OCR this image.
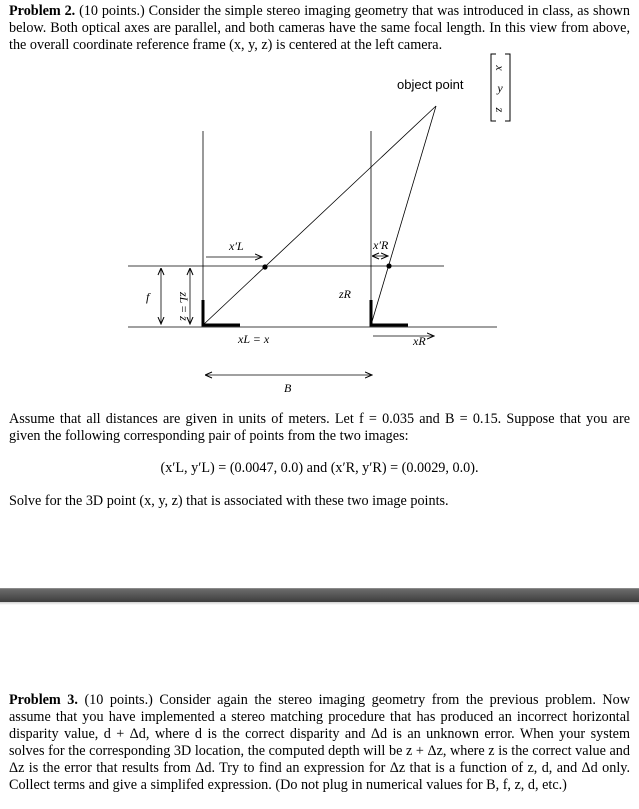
Problem 2. (10 points.) Consider the simple stereo imaging geometry that was introduced in class, as shown below. Both optical axes are parallel, and both cameras have the same focal length. In this view from above, the overall coordinate reference frame (x, y, z) is centered at the left camera.
object point
x
y
z
x′L	x′R
f zL
= z
zR
xL = x	xR
B
Assume that all distances are given in units of meters. Let f = 0.035 and B = 0.15. Suppose that you are given the following corresponding pair of points from the two images:
(x′L, y′L) = (0.0047, 0.0) and (x′R, y′R) = (0.0029, 0.0).
Solve for the 3D point (x, y, z) that is associated with these two image points.
Problem 3. (10 points.) Consider again the stereo imaging geometry from the previous problem. Now assume that you have implemented a stereo matching procedure that has produced an incorrect horizontal disparity value, d + Δd, where d is the correct disparity and Δd is an unknown error. When your system solves for the corresponding 3D location, the computed depth will be z + Δz, where z is the correct value and Δz is the error that results from Δd. Try to find an expression for Δz that is a function of z, d, and Δd only. Collect terms and give a simplifed expression. (Do not plug in numerical values for B, f, z, d, etc.)
